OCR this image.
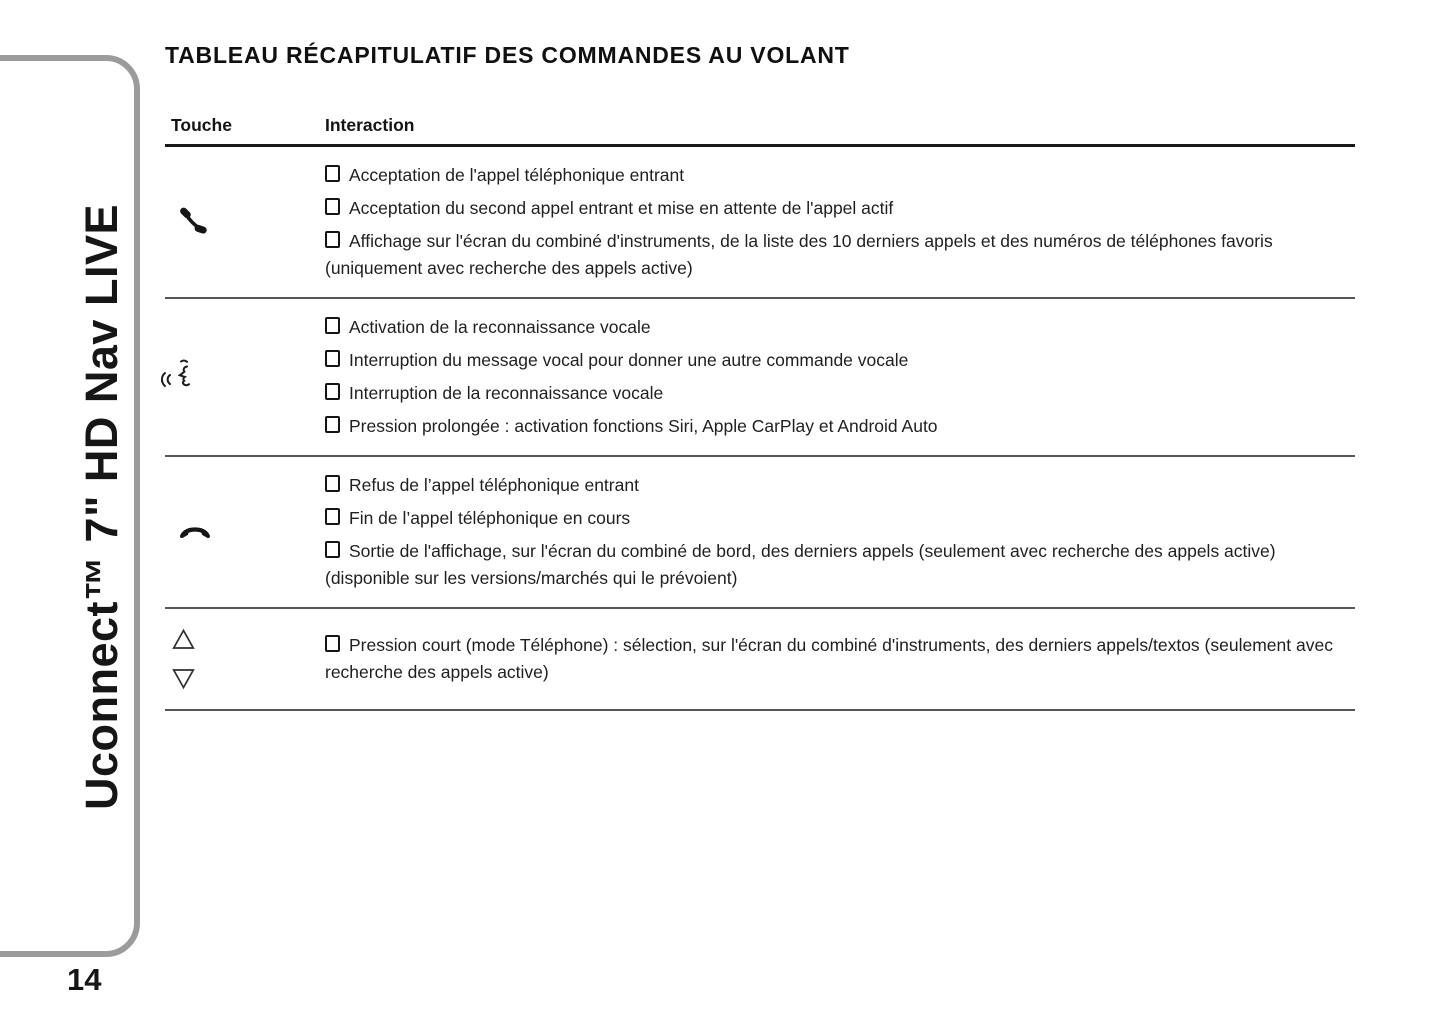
Uconnect™ 7" HD Nav LIVE
14
TABLEAU RÉCAPITULATIF DES COMMANDES AU VOLANT
Touche	Interaction

Acceptation de l'appel téléphonique entrant

Acceptation du second appel entrant et mise en attente de l'appel actif

Affichage sur l'écran du combiné d'instruments, de la liste des 10 derniers appels et des numéros de téléphones favoris (uniquement avec recherche des appels active)

Activation de la reconnaissance vocale

Interruption du message vocal pour donner une autre commande vocale

Interruption de la reconnaissance vocale

Pression prolongée : activation fonctions Siri, Apple CarPlay et Android Auto

Refus de l’appel téléphonique entrant

Fin de l’appel téléphonique en cours

Sortie de l'affichage, sur l'écran du combiné de bord, des derniers appels (seulement avec recherche des appels active) (disponible sur les versions/marchés qui le prévoient)

Pression court (mode Téléphone) : sélection, sur l'écran du combiné d'instruments, des derniers appels/textos (seulement avec recherche des appels active)
